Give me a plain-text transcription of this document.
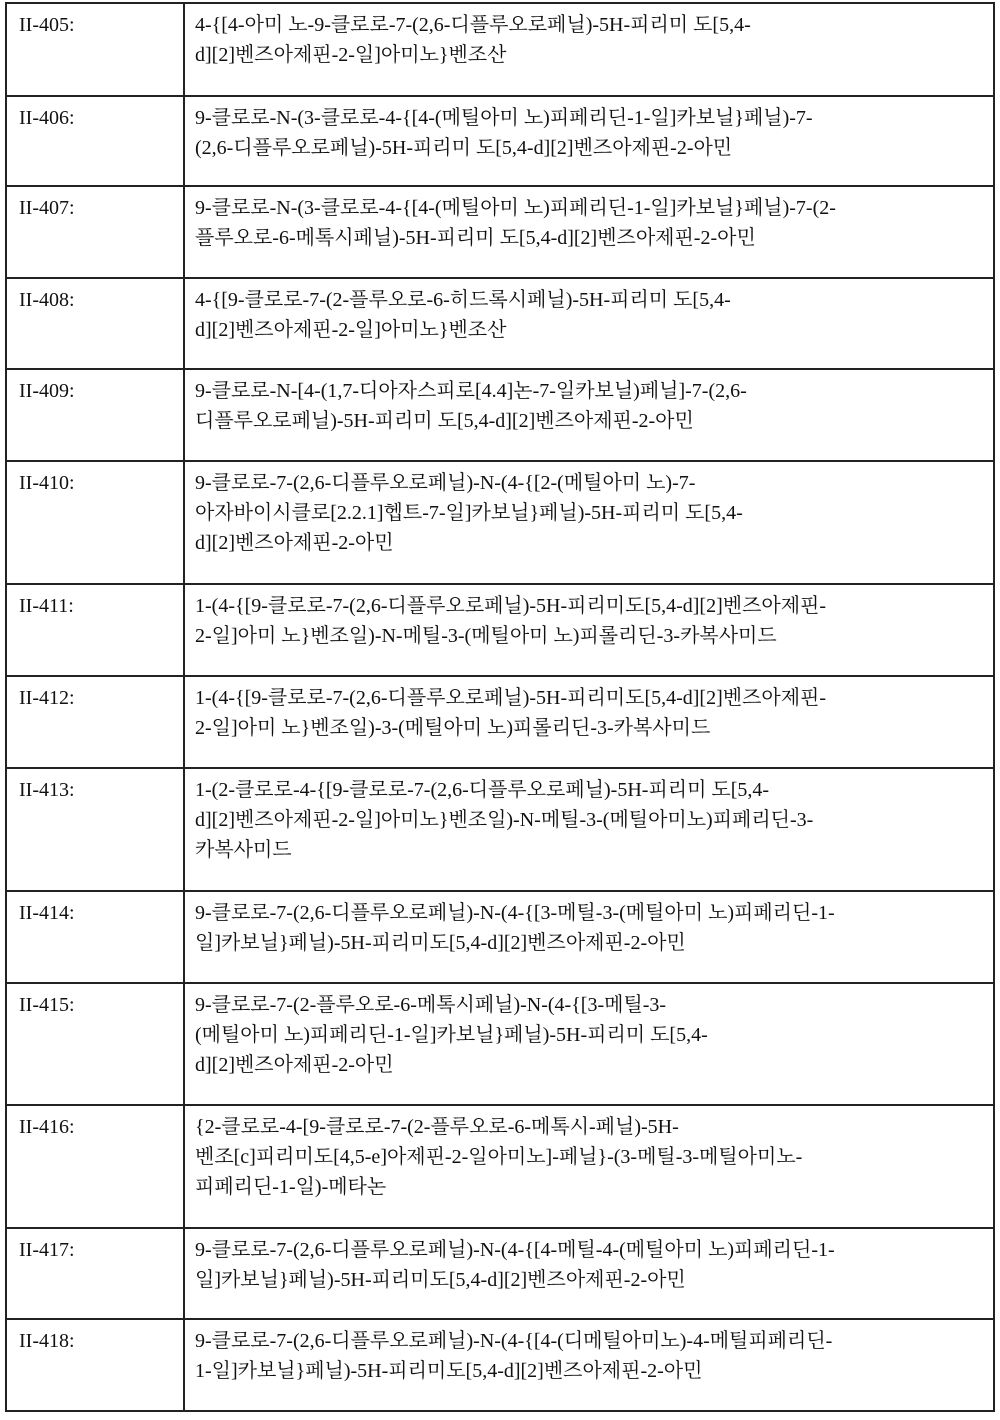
II-405:	4-{[4-아미 노-9-클로로-7-(2,6-디플루오로페닐)-5H-피리미 도[5,4-
d][2]벤즈아제핀-2-일]아미노}벤조산

II-406:	9-클로로-N-(3-클로로-4-{[4-(메틸아미 노)피페리딘-1-일]카보닐}페닐)-7-
(2,6-디플루오로페닐)-5H-피리미 도[5,4-d][2]벤즈아제핀-2-아민

II-407:	9-클로로-N-(3-클로로-4-{[4-(메틸아미 노)피페리딘-1-일]카보닐}페닐)-7-(2-
플루오로-6-메톡시페닐)-5H-피리미 도[5,4-d][2]벤즈아제핀-2-아민

II-408:	4-{[9-클로로-7-(2-플루오로-6-히드록시페닐)-5H-피리미 도[5,4-
d][2]벤즈아제핀-2-일]아미노}벤조산

II-409:	9-클로로-N-[4-(1,7-디아자스피로[4.4]논-7-일카보닐)페닐]-7-(2,6-
디플루오로페닐)-5H-피리미 도[5,4-d][2]벤즈아제핀-2-아민

II-410:	9-클로로-7-(2,6-디플루오로페닐)-N-(4-{[2-(메틸아미 노)-7-
아자바이시클로[2.2.1]헵트-7-일]카보닐}페닐)-5H-피리미 도[5,4-
d][2]벤즈아제핀-2-아민

II-411:	1-(4-{[9-클로로-7-(2,6-디플루오로페닐)-5H-피리미도[5,4-d][2]벤즈아제핀-
2-일]아미 노}벤조일)-N-메틸-3-(메틸아미 노)피롤리딘-3-카복사미드

II-412:	1-(4-{[9-클로로-7-(2,6-디플루오로페닐)-5H-피리미도[5,4-d][2]벤즈아제핀-
2-일]아미 노}벤조일)-3-(메틸아미 노)피롤리딘-3-카복사미드

II-413:	1-(2-클로로-4-{[9-클로로-7-(2,6-디플루오로페닐)-5H-피리미 도[5,4-
d][2]벤즈아제핀-2-일]아미노}벤조일)-N-메틸-3-(메틸아미노)피페리딘-3-
카복사미드

II-414:	9-클로로-7-(2,6-디플루오로페닐)-N-(4-{[3-메틸-3-(메틸아미 노)피페리딘-1-
일]카보닐}페닐)-5H-피리미도[5,4-d][2]벤즈아제핀-2-아민

II-415:	9-클로로-7-(2-플루오로-6-메톡시페닐)-N-(4-{[3-메틸-3-
(메틸아미 노)피페리딘-1-일]카보닐}페닐)-5H-피리미 도[5,4-
d][2]벤즈아제핀-2-아민

II-416:	{2-클로로-4-[9-클로로-7-(2-플루오로-6-메톡시-페닐)-5H-
벤조[c]피리미도[4,5-e]아제핀-2-일아미노]-페닐}-(3-메틸-3-메틸아미노-
피페리딘-1-일)-메타논

II-417:	9-클로로-7-(2,6-디플루오로페닐)-N-(4-{[4-메틸-4-(메틸아미 노)피페리딘-1-
일]카보닐}페닐)-5H-피리미도[5,4-d][2]벤즈아제핀-2-아민

II-418:	9-클로로-7-(2,6-디플루오로페닐)-N-(4-{[4-(디메틸아미노)-4-메틸피페리딘-
1-일]카보닐}페닐)-5H-피리미도[5,4-d][2]벤즈아제핀-2-아민
